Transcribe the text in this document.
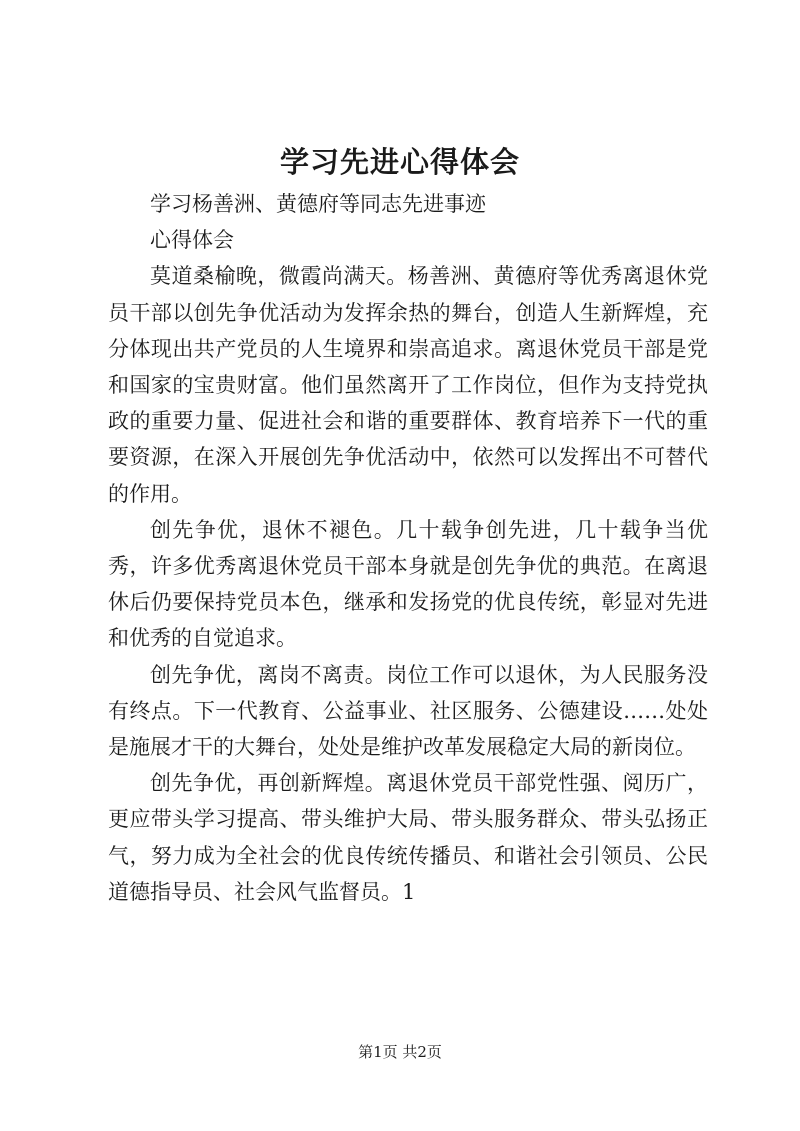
学习先进心得体会

学习杨善洲、黄德府等同志先进事迹

心得体会

莫道桑榆晚，微霞尚满天。杨善洲、黄德府等优秀离退休党员干部以创先争优活动为发挥余热的舞台，创造人生新辉煌，充分体现出共产党员的人生境界和崇高追求。离退休党员干部是党和国家的宝贵财富。他们虽然离开了工作岗位，但作为支持党执政的重要力量、促进社会和谐的重要群体、教育培养下一代的重要资源，在深入开展创先争优活动中，依然可以发挥出不可替代的作用。

创先争优，退休不褪色。几十载争创先进，几十载争当优秀，许多优秀离退休党员干部本身就是创先争优的典范。在离退休后仍要保持党员本色，继承和发扬党的优良传统，彰显对先进和优秀的自觉追求。

创先争优，离岗不离责。岗位工作可以退休，为人民服务没有终点。下一代教育、公益事业、社区服务、公德建设……处处是施展才干的大舞台，处处是维护改革发展稳定大局的新岗位。

创先争优，再创新辉煌。离退休党员干部党性强、阅历广，更应带头学习提高、带头维护大局、带头服务群众、带头弘扬正气，努力成为全社会的优良传统传播员、和谐社会引领员、公民道德指导员、社会风气监督员。1

第1页 共2页
